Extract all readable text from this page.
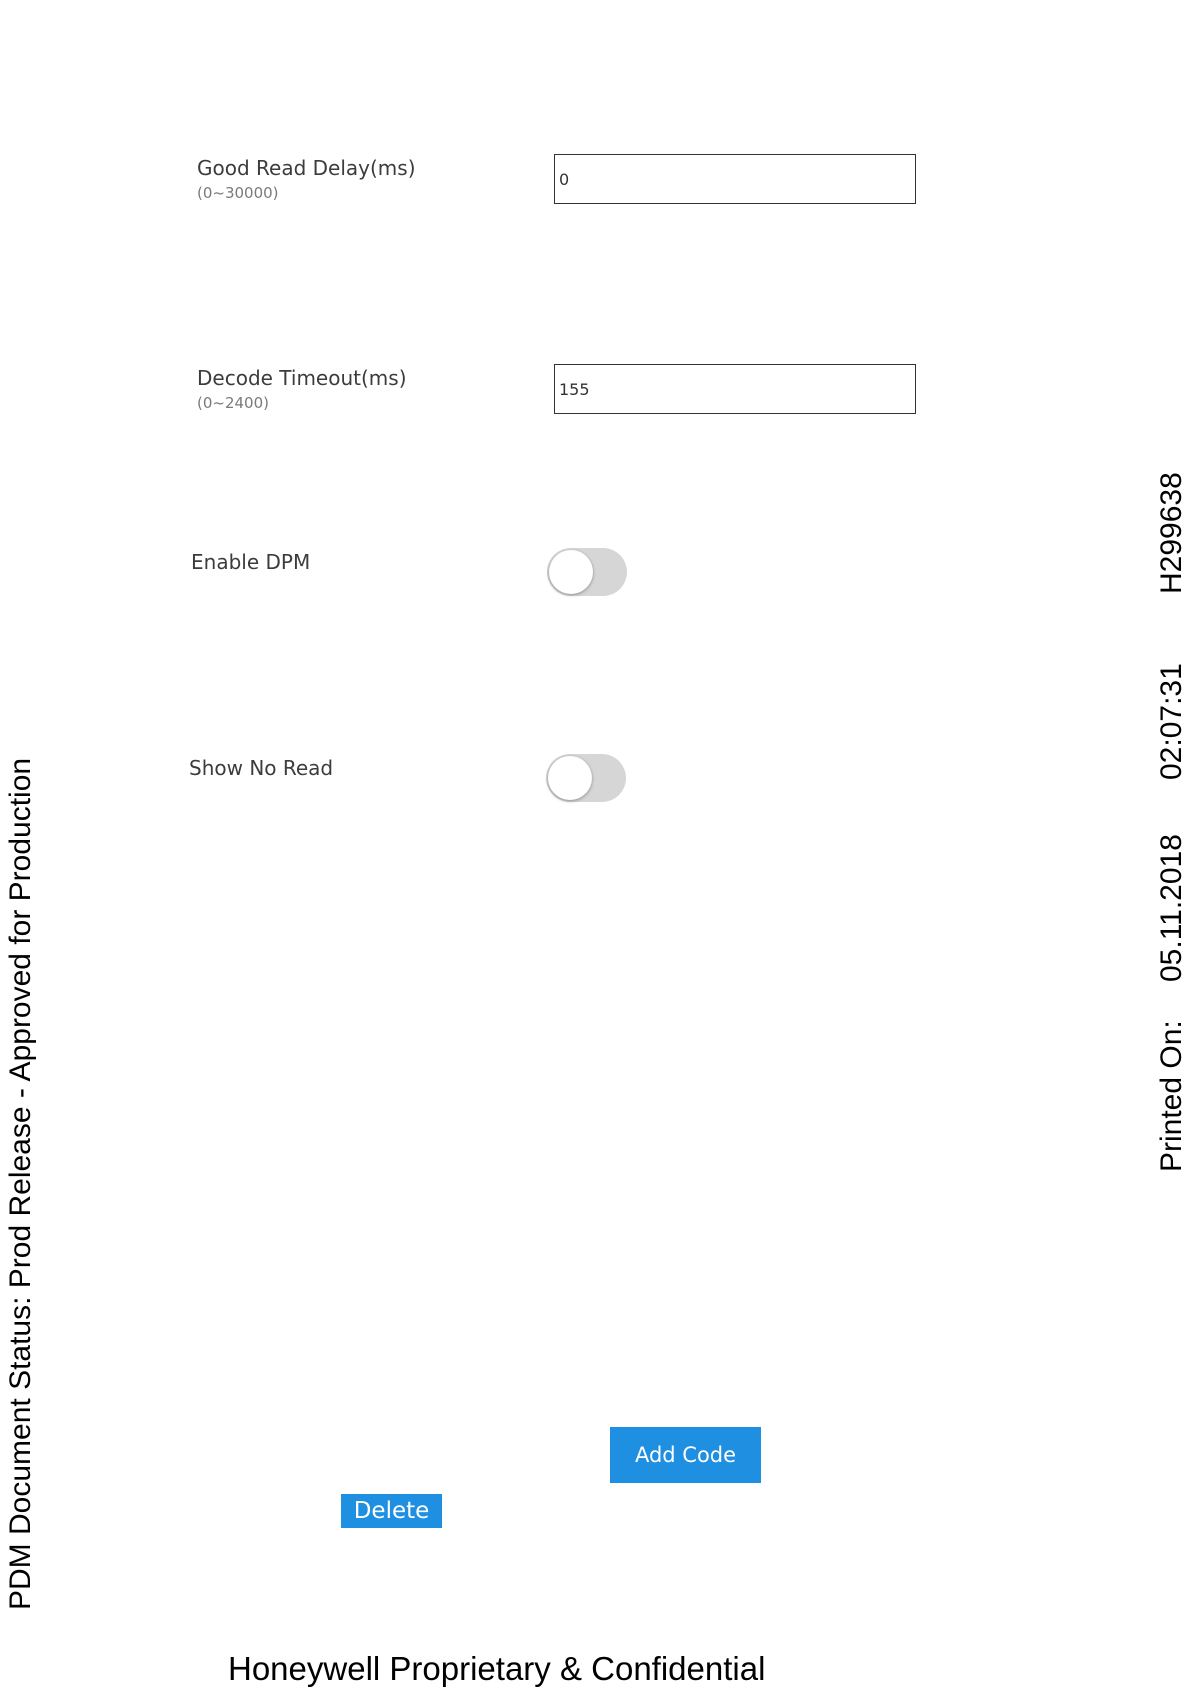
Good Read Delay(ms)
(0~30000)
0
Decode Timeout(ms)
(0~2400)
155
Enable DPM
Show No Read
Add Code
Delete
PDM Document Status: Prod Release - Approved for Production	Printed On:
05.11.2018
02:07:31
H299638
Honeywell Proprietary & Confidential
